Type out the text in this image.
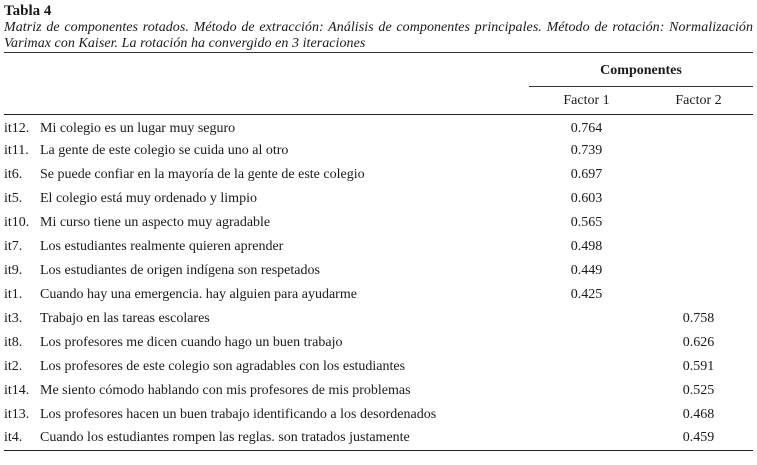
Tabla 4

Matriz de componentes rotados. Método de extracción: Análisis de componentes principales. Método de rotación: Normalización Varimax con Kaiser. La rotación ha convergido en 3 iteraciones

	Componentes	
	Factor 1	Factor 2
it12. Mi colegio es un lugar muy seguro	0.764	
it11. La gente de este colegio se cuida uno al otro	0.739	
it6. Se puede confiar en la mayoría de la gente de este colegio	0.697	
it5. El colegio está muy ordenado y limpio	0.603	
it10. Mi curso tiene un aspecto muy agradable	0.565	
it7. Los estudiantes realmente quieren aprender	0.498	
it9. Los estudiantes de origen indígena son respetados	0.449	
it1. Cuando hay una emergencia. hay alguien para ayudarme	0.425	
it3. Trabajo en las tareas escolares		0.758
it8. Los profesores me dicen cuando hago un buen trabajo		0.626
it2. Los profesores de este colegio son agradables con los estudiantes		0.591
it14. Me siento cómodo hablando con mis profesores de mis problemas		0.525
it13. Los profesores hacen un buen trabajo identificando a los desordenados		0.468
it4. Cuando los estudiantes rompen las reglas. son tratados justamente		0.459
